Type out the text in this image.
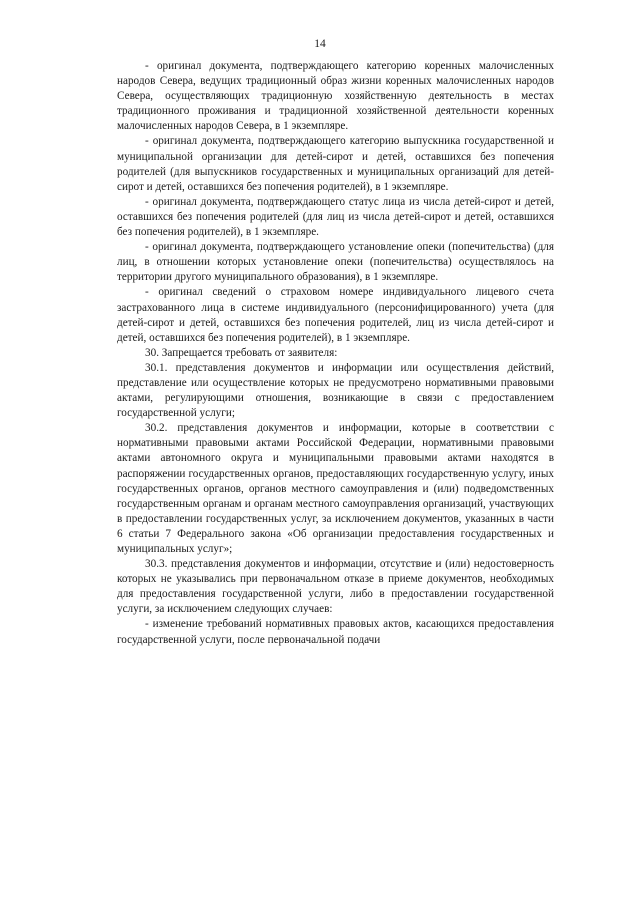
14

- оригинал документа, подтверждающего категорию коренных малочисленных народов Севера, ведущих традиционный образ жизни коренных малочисленных народов Севера, осуществляющих традиционную хозяйственную деятельность в местах традиционного проживания и традиционной хозяйственной деятельности коренных малочисленных народов Севера, в 1 экземпляре.

- оригинал документа, подтверждающего категорию выпускника государственной и муниципальной организации для детей-сирот и детей, оставшихся без попечения родителей (для выпускников государственных и муниципальных организаций для детей-сирот и детей, оставшихся без попечения родителей), в 1 экземпляре.

- оригинал документа, подтверждающего статус лица из числа детей-сирот и детей, оставшихся без попечения родителей (для лиц из числа детей-сирот и детей, оставшихся без попечения родителей), в 1 экземпляре.

- оригинал документа, подтверждающего установление опеки (попечительства) (для лиц, в отношении которых установление опеки (попечительства) осуществлялось на территории другого муниципального образования), в 1 экземпляре.

- оригинал сведений о страховом номере индивидуального лицевого счета застрахованного лица в системе индивидуального (персонифицированного) учета (для детей-сирот и детей, оставшихся без попечения родителей, лиц из числа детей-сирот и детей, оставшихся без попечения родителей), в 1 экземпляре.

30. Запрещается требовать от заявителя:

30.1. представления документов и информации или осуществления действий, представление или осуществление которых не предусмотрено нормативными правовыми актами, регулирующими отношения, возникающие в связи с предоставлением государственной услуги;

30.2. представления документов и информации, которые в соответствии с нормативными правовыми актами Российской Федерации, нормативными правовыми актами автономного округа и муниципальными правовыми актами находятся в распоряжении государственных органов, предоставляющих государственную услугу, иных государственных органов, органов местного самоуправления и (или) подведомственных государственным органам и органам местного самоуправления организаций, участвующих в предоставлении государственных услуг, за исключением документов, указанных в части 6 статьи 7 Федерального закона «Об организации предоставления государственных и муниципальных услуг»;

30.3. представления документов и информации, отсутствие и (или) недостоверность которых не указывались при первоначальном отказе в приеме документов, необходимых для предоставления государственной услуги, либо в предоставлении государственной услуги, за исключением следующих случаев:

- изменение требований нормативных правовых актов, касающихся предоставления государственной услуги, после первоначальной подачи
